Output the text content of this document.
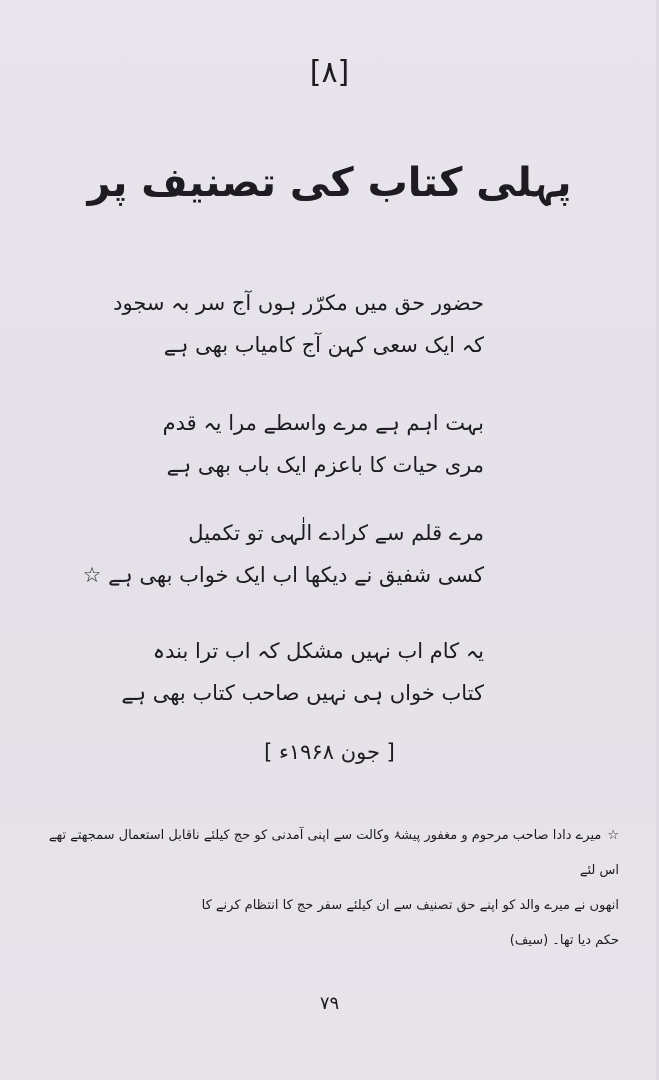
[۸]
پہلی کتاب کی تصنیف پر
حضور حق میں مکرّر ہوں آج سر بہ سجود
کہ ایک سعی کہن آج کامیاب بھی ہے
بہت اہم ہے مرے واسطے مرا یہ قدم
مری حیات کا باعزم ایک باب بھی ہے
مرے قلم سے کرادے الٰہی تو تکمیل
کسی شفیق نے دیکھا اب ایک خواب بھی ہے ☆
یہ کام اب نہیں مشکل کہ اب ترا بندہ
کتاب خواں ہی نہیں صاحب کتاب بھی ہے
[ جون ۱۹۶۸ء ]
☆میرے دادا صاحب مرحوم و مغفور پیشۂ وکالت سے اپنی آمدنی کو حج کیلئے ناقابل استعمال سمجھتے تھے اس لئے
انھوں نے میرے والد کو اپنے حق تصنیف سے ان کیلئے سفر حج کا انتظام کرنے کا
حکم دیا تھا۔ (سیف)
۷۹
